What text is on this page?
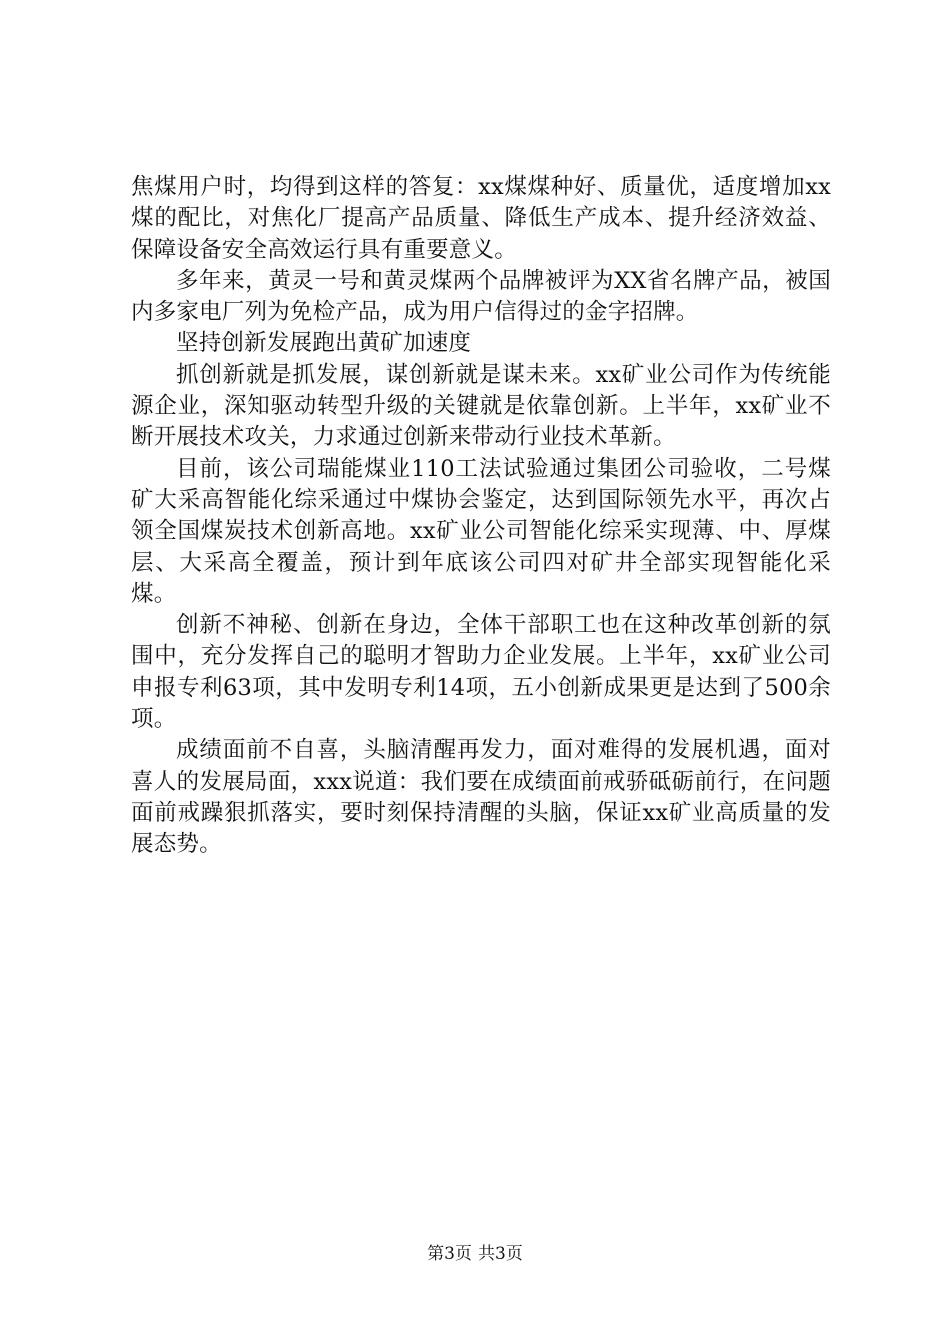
焦煤用户时，均得到这样的答复：xx煤煤种好、质量优，适度增加xx煤的配比，对焦化厂提高产品质量、降低生产成本、提升经济效益、保障设备安全高效运行具有重要意义。

多年来，黄灵一号和黄灵煤两个品牌被评为XX省名牌产品，被国内多家电厂列为免检产品，成为用户信得过的金字招牌。

坚持创新发展跑出黄矿加速度

抓创新就是抓发展，谋创新就是谋未来。xx矿业公司作为传统能源企业，深知驱动转型升级的关键就是依靠创新。上半年，xx矿业不断开展技术攻关，力求通过创新来带动行业技术革新。

目前，该公司瑞能煤业110工法试验通过集团公司验收，二号煤矿大采高智能化综采通过中煤协会鉴定，达到国际领先水平，再次占领全国煤炭技术创新高地。xx矿业公司智能化综采实现薄、中、厚煤层、大采高全覆盖，预计到年底该公司四对矿井全部实现智能化采煤。

创新不神秘、创新在身边，全体干部职工也在这种改革创新的氛围中，充分发挥自己的聪明才智助力企业发展。上半年，xx矿业公司申报专利63项，其中发明专利14项，五小创新成果更是达到了500余项。

成绩面前不自喜，头脑清醒再发力，面对难得的发展机遇，面对喜人的发展局面，xxx说道：我们要在成绩面前戒骄砥砺前行，在问题面前戒躁狠抓落实，要时刻保持清醒的头脑，保证xx矿业高质量的发展态势。

第3页 共3页
